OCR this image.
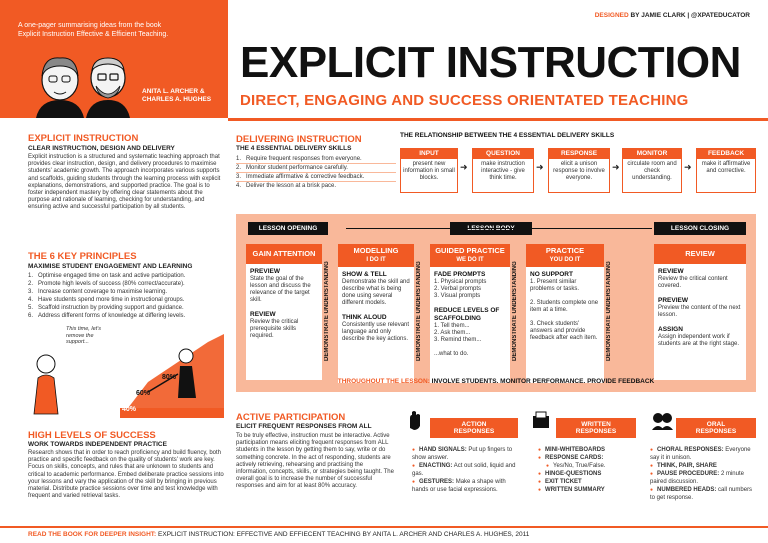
A one-pager summarising ideas from the book Explicit Instruction Effective & Efficient Teaching.
ANITA L. ARCHER & CHARLES A. HUGHES
DESIGNED BY JAMIE CLARK | @XPATEDUCATOR
EXPLICIT INSTRUCTION
DIRECT, ENGAGING AND SUCCESS ORIENTATED TEACHING
EXPLICIT INSTRUCTION
CLEAR INSTRUCTION, DESIGN AND DELIVERY
Explicit instruction is a structured and systematic teaching approach that provides clear instruction, design, and delivery procedures to maximise students' academic growth. The approach incorporates various supports and scaffolds, guiding students through the learning process with explicit explanations, demonstrations, and supported practice. The goal is to foster independent mastery by offering clear statements about the purpose and rationale of learning, checking for understanding, and ensuring active and successful participation by all students.
THE 6 KEY PRINCIPLES
MAXIMISE STUDENT ENGAGEMENT AND LEARNING
1. Optimise engaged time on task and active participation.
2. Promote high levels of success (80% correct/accurate).
3. Increase content coverage to maximise learning.
4. Have students spend more time in instructional groups.
5. Scaffold instruction by providing support and guidance.
6. Address different forms of knowledge at differing levels.
This time, let's remove the support...
80%
60%
40%
HIGH LEVELS OF SUCCESS
WORK TOWARDS INDEPENDENT PRACTICE
Research shows that in order to reach proficiency and build fluency, both practice and specific feedback on the quality of students' work are key. Focus on skills, concepts, and rules that are unknown to students and critical to academic performance. Embed deliberate practice sessions into your lessons and vary the application of the skill by bringing in previous material. Distribute practice sessions over time and test knowledge with frequent and varied retrieval tasks.
DELIVERING INSTRUCTION
THE 4 ESSENTIAL DELIVERY SKILLS
1. Require frequent responses from everyone.
2. Monitor student performance carefully.
3. Immediate affirmative & corrective feedback.
4. Deliver the lesson at a brisk pace.
THE RELATIONSHIP BETWEEN THE 4 ESSENTIAL DELIVERY SKILLS
INPUT
present new information in small blocks.
➜
QUESTION
make instruction interactive - give think time.
➜
RESPONSE
elicit a unison response to involve everyone.
➜
MONITOR
circulate room and check understanding.
➜
FEEDBACK
make it affirmative and corrective.
LESSON OPENING	LESSON CLOSING
GAIN ATTENTION
PREVIEW
State the goal of the lesson and discuss the relevance of the target skill.

REVIEW
Review the critical prerequisite skills required.	DEMONSTRATE UNDERSTANDING
MODELLING
I DO IT
SHOW & TELL
Demonstrate the skill and describe what is being done using several different models.

THINK ALOUD
Consistently use relevant language and only describe the key actions.	DEMONSTRATE UNDERSTANDING
GUIDED PRACTICE
WE DO IT
FADE PROMPTS
1. Physical prompts
2. Verbal prompts
3. Visual prompts

REDUCE LEVELS OF SCAFFOLDING
1. Tell them...
2. Ask them...
3. Remind them...

...what to do.	DEMONSTRATE UNDERSTANDING
PRACTICE
YOU DO IT
NO SUPPORT
1. Present similar problems or tasks.

2. Students complete one item at a time.

3. Check students' answers and provide feedback after each item.	DEMONSTRATE UNDERSTANDING
REVIEW
REVIEW
Review the critical content covered.

PREVIEW
Preview the content of the next lesson.

ASSIGN
Assign independent work if students are at the right stage.
THROUGHOUT THE LESSON: INVOLVE STUDENTS. MONITOR PERFORMANCE. PROVIDE FEEDBACK
ACTIVE PARTICIPATION
ELICIT FREQUENT RESPONSES FROM ALL
To be truly effective, instruction must be interactive. Active participation means eliciting frequent responses from ALL students in the lesson by getting them to say, write or do something concrete. In the act of responding, students are actively retrieving, rehearsing and practising the information, concepts, skills, or strategies being taught. The overall goal is to increase the number of successful responses and aim for at least 80% accuracy.
ACTION
RESPONSES
● HAND SIGNALS: Put up fingers to show answer.
● ENACTING: Act out solid, liquid and gas.
● GESTURES: Make a shape with hands or use facial expressions.
WRITTEN
RESPONSES
● MINI-WHITEBOARDS
● RESPONSE CARDS:
● Yes/No, True/False.
● HINGE-QUESTIONS
● EXIT TICKET
● WRITTEN SUMMARY
ORAL
RESPONSES
● CHORAL RESPONSES: Everyone say it in unison.
● THINK, PAIR, SHARE
● PAUSE PROCEDURE: 2 minute paired discussion.
● NUMBERED HEADS: call numbers to get response.
READ THE BOOK FOR DEEPER INSIGHT: EXPLICIT INSTRUCTION: EFFECTIVE AND EFFIECENT TEACHING BY ANITA L. ARCHER AND CHARLES A. HUGHES, 2011
